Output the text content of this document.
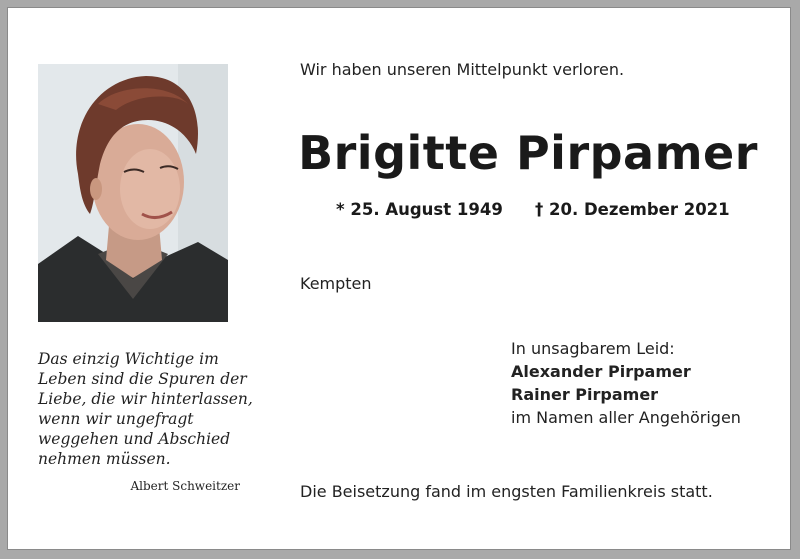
Das einzig Wichtige im
Leben sind die Spuren der
Liebe, die wir hinterlassen,
wenn wir ungefragt
weggehen und Abschied
nehmen müssen.
Albert Schweitzer
Wir haben unseren Mittelpunkt verloren.
Brigitte Pirpamer
* 25. August 1949 † 20. Dezember 2021
Kempten
In unsagbarem Leid:
Alexander Pirpamer
Rainer Pirpamer
im Namen aller Angehörigen
Die Beisetzung fand im engsten Familienkreis statt.
